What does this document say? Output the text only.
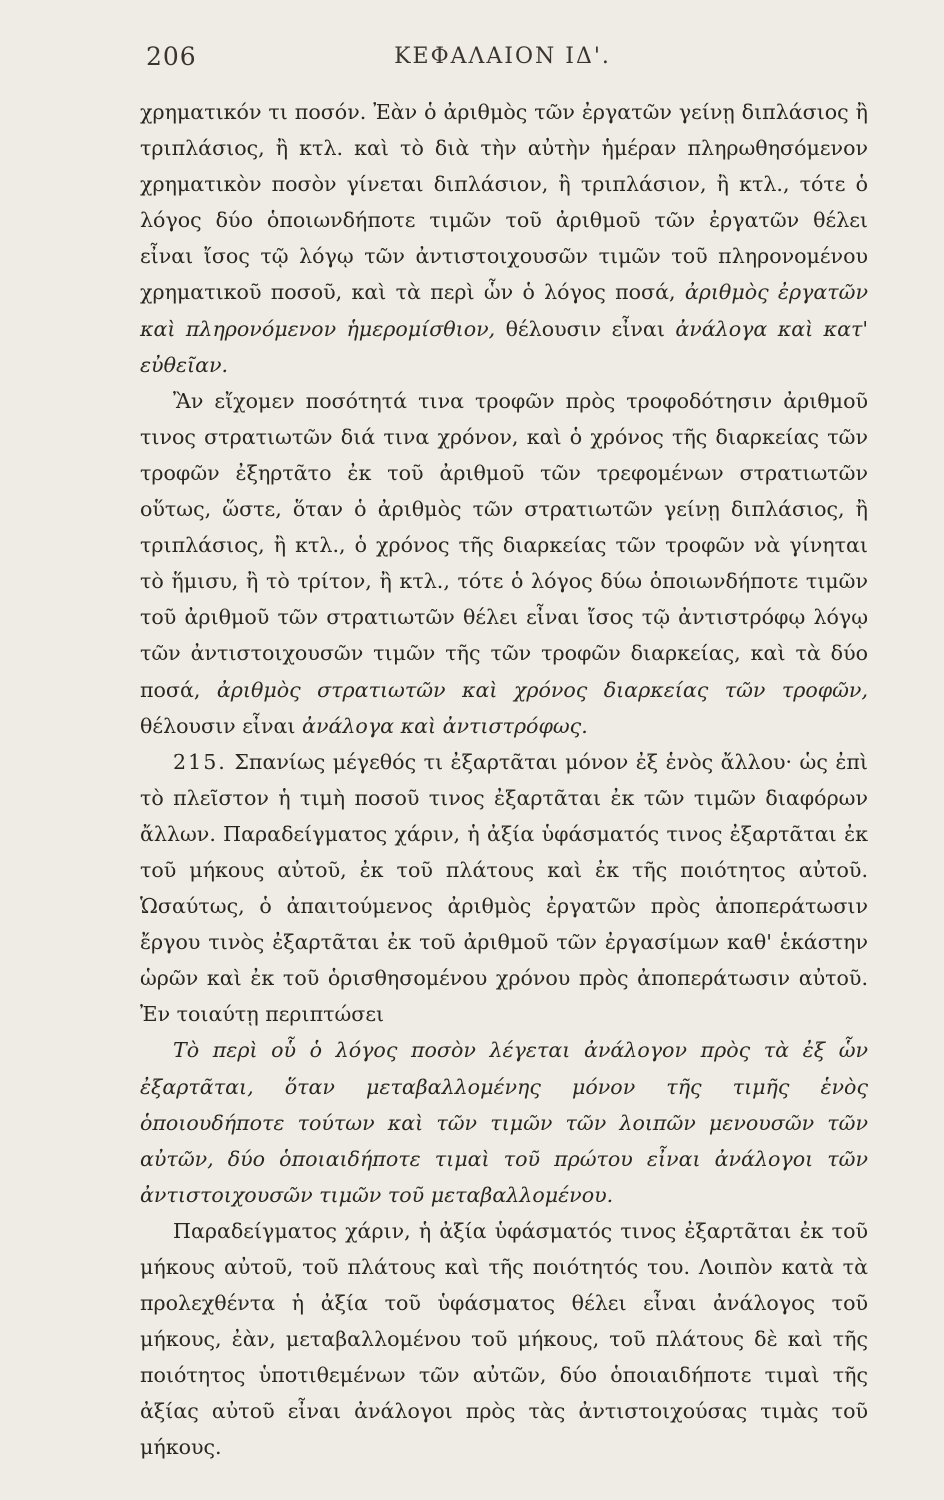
206	ΚΕΦΑΛΑΙΟΝ ΙΔ'.

χρηματικόν τι ποσόν. Ἐὰν ὁ ἀριθμὸς τῶν ἐργατῶν γείνῃ διπλάσιος ἢ τριπλάσιος, ἢ κτλ. καὶ τὸ διὰ τὴν αὐτὴν ἡμέραν πληρωθησόμενον χρηματικὸν ποσὸν γίνεται διπλάσιον, ἢ τριπλάσιον, ἢ κτλ., τότε ὁ λόγος δύο ὁποιωνδήποτε τιμῶν τοῦ ἀριθμοῦ τῶν ἐργατῶν θέλει εἶναι ἴσος τῷ λόγῳ τῶν ἀντιστοιχουσῶν τιμῶν τοῦ πληρονομένου χρηματικοῦ ποσοῦ, καὶ τὰ περὶ ὧν ὁ λόγος ποσά, ἀριθμὸς ἐργατῶν καὶ πληρονόμενον ἡμερομίσθιον, θέλουσιν εἶναι ἀνάλογα καὶ κατ' εὐθεῖαν.

Ἂν εἴχομεν ποσότητά τινα τροφῶν πρὸς τροφοδότησιν ἀριθμοῦ τινος στρατιωτῶν διά τινα χρόνον, καὶ ὁ χρόνος τῆς διαρκείας τῶν τροφῶν ἐξηρτᾶτο ἐκ τοῦ ἀριθμοῦ τῶν τρεφομένων στρατιωτῶν οὕτως, ὥστε, ὅταν ὁ ἀριθμὸς τῶν στρατιωτῶν γείνῃ διπλάσιος, ἢ τριπλάσιος, ἢ κτλ., ὁ χρόνος τῆς διαρκείας τῶν τροφῶν νὰ γίνηται τὸ ἥμισυ, ἢ τὸ τρίτον, ἢ κτλ., τότε ὁ λόγος δύω ὁποιωνδήποτε τιμῶν τοῦ ἀριθμοῦ τῶν στρατιωτῶν θέλει εἶναι ἴσος τῷ ἀντιστρόφῳ λόγῳ τῶν ἀντιστοιχουσῶν τιμῶν τῆς τῶν τροφῶν διαρκείας, καὶ τὰ δύο ποσά, ἀριθμὸς στρατιωτῶν καὶ χρόνος διαρκείας τῶν τροφῶν, θέλουσιν εἶναι ἀνάλογα καὶ ἀντιστρόφως.

215. Σπανίως μέγεθός τι ἐξαρτᾶται μόνον ἐξ ἑνὸς ἄλλου· ὡς ἐπὶ τὸ πλεῖστον ἡ τιμὴ ποσοῦ τινος ἐξαρτᾶται ἐκ τῶν τιμῶν διαφόρων ἄλλων. Παραδείγματος χάριν, ἡ ἀξία ὑφάσματός τινος ἐξαρτᾶται ἐκ τοῦ μήκους αὐτοῦ, ἐκ τοῦ πλάτους καὶ ἐκ τῆς ποιότητος αὐτοῦ. Ὡσαύτως, ὁ ἀπαιτούμενος ἀριθμὸς ἐργατῶν πρὸς ἀποπεράτωσιν ἔργου τινὸς ἐξαρτᾶται ἐκ τοῦ ἀριθμοῦ τῶν ἐργασίμων καθ' ἑκάστην ὡρῶν καὶ ἐκ τοῦ ὁρισθησομένου χρόνου πρὸς ἀποπεράτωσιν αὐτοῦ. Ἐν τοιαύτῃ περιπτώσει

Τὸ περὶ οὗ ὁ λόγος ποσὸν λέγεται ἀνάλογον πρὸς τὰ ἐξ ὧν ἐξαρτᾶται, ὅταν μεταβαλλομένης μόνον τῆς τιμῆς ἑνὸς ὁποιουδήποτε τούτων καὶ τῶν τιμῶν τῶν λοιπῶν μενουσῶν τῶν αὐτῶν, δύο ὁποιαιδήποτε τιμαὶ τοῦ πρώτου εἶναι ἀνάλογοι τῶν ἀντιστοιχουσῶν τιμῶν τοῦ μεταβαλλομένου.

Παραδείγματος χάριν, ἡ ἀξία ὑφάσματός τινος ἐξαρτᾶται ἐκ τοῦ μήκους αὐτοῦ, τοῦ πλάτους καὶ τῆς ποιότητός του. Λοιπὸν κατὰ τὰ προλεχθέντα ἡ ἀξία τοῦ ὑφάσματος θέλει εἶναι ἀνάλογος τοῦ μήκους, ἐὰν, μεταβαλλομένου τοῦ μήκους, τοῦ πλάτους δὲ καὶ τῆς ποιότητος ὑποτιθεμένων τῶν αὐτῶν, δύο ὁποιαιδήποτε τιμαὶ τῆς ἀξίας αὐτοῦ εἶναι ἀνάλογοι πρὸς τὰς ἀντιστοιχούσας τιμὰς τοῦ μήκους.
